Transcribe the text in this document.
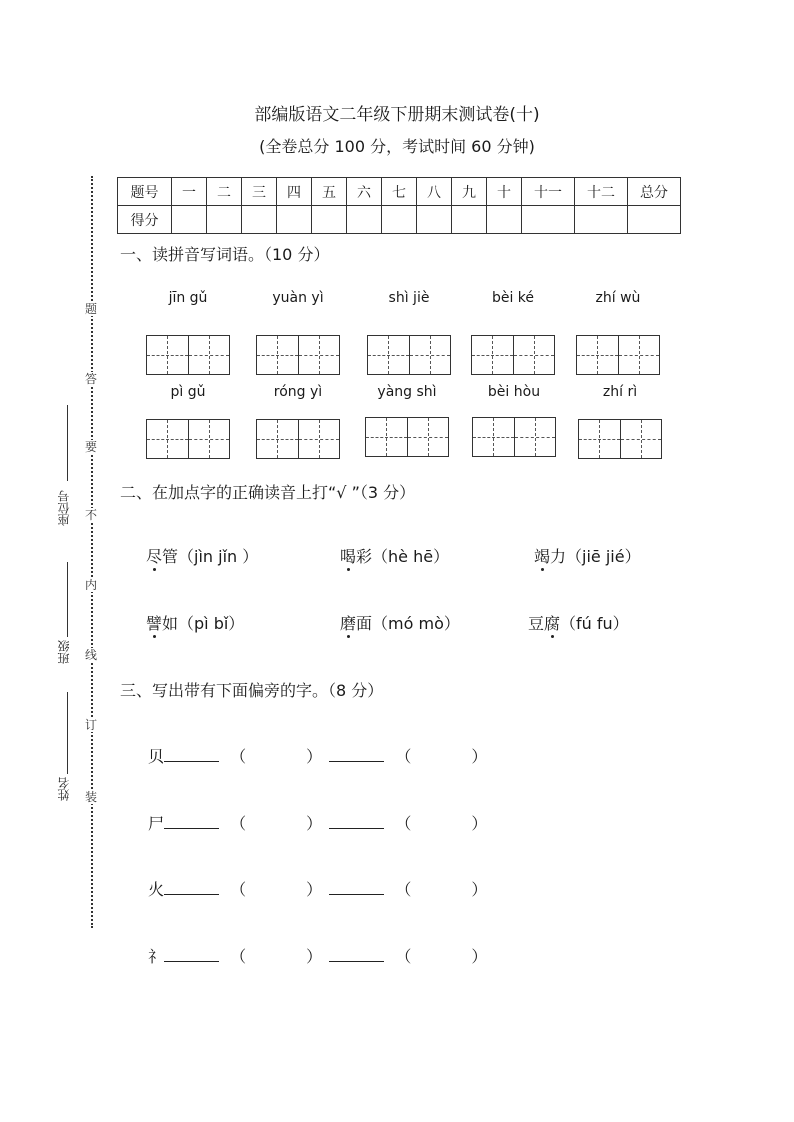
部编版语文二年级下册期末测试卷(十)
(全卷总分 100 分，考试时间 60 分钟)
题
答
要
不
内
线
订
装
座位号
班级
姓名
题号	一	二	三	四	五	六	七	八	九	十	十一	十二	总分
得分													
一、读拼音写词语。（10 分）
jīn gǔ	yuàn yì	shì jiè	bèi ké	zhí wù
pì gǔ	róng yì	yàng shì	bèi hòu	zhí rì
二、在加点字的正确读音上打“√ ”（3 分）
尽管（jìn jǐn ）	喝彩（hè hē）	竭力（jiē jié）
譬如（pì bǐ）	磨面（mó mò）	豆腐（fú fu）
三、写出带有下面偏旁的字。（8 分）
贝	（	）	（	）
尸	（	）	（	）
火	（	）	（	）
礻	（	）	（	）
